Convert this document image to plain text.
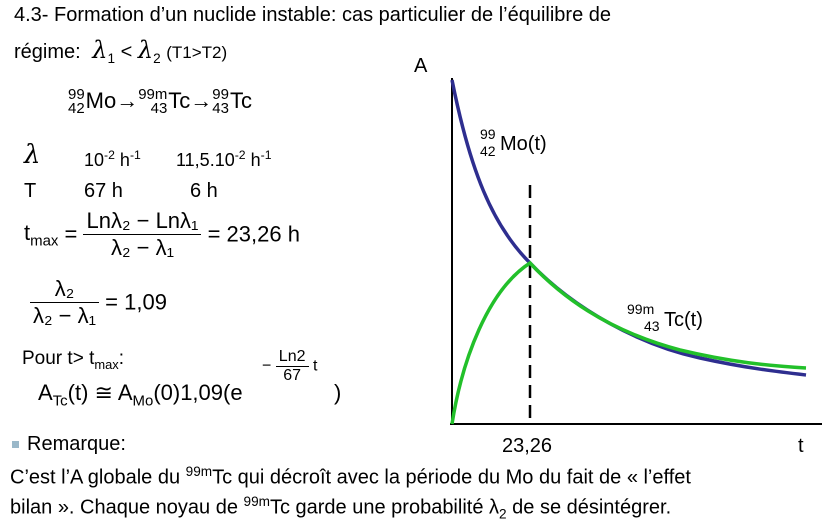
4.3- Formation d’un nuclide instable: cas particulier de l’équilibre de
régime: $\lambda_1 < \lambda_2$ (T1>T2)
99
42 Mo→ 99m
43 Tc→ 99
43 Tc
λ $10^{-2}$ $h^{-1}$ $11,5.10^{-2}$ $h^{-1}$
T 67 h	6 h
$t_{max} = \frac{\text{Lnλ₂ − Lnλ₁}}{\text{λ₂ − λ₁}} = 23,26$ h
$\frac{\text{λ₂}}{\text{λ₂ − λ₁}} = 1,09$
Pour $t> t_{max}$:
$A_{Tc}(t)$ ≅ $A_{Mo}(0)1,09(e$
− $\frac{Ln2}{67}$ t
)
Remarque:
C’est l’A globale du $^{99m}$Tc qui décroît avec la période du Mo du fait de « l’effet
bilan ». Chaque noyau de $^{99m}$Tc garde une probabilité $\lambda_2$ de se désintégrer.
A
t
23,26
99
42 Mo(t)
99m
43 Tc(t)
